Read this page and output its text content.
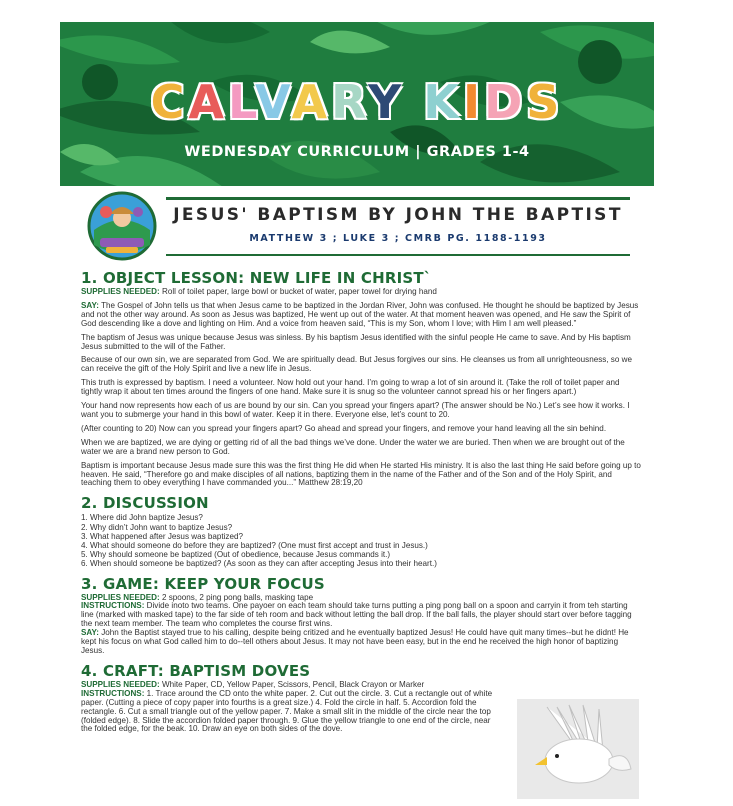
CALVARY KIDS
WEDNESDAY CURRICULUM | GRADES 1-4
JESUS' BAPTISM BY JOHN THE BAPTIST
MATTHEW 3 ; LUKE 3 ; CMRB PG. 1188-1193
1. OBJECT LESSON: NEW LIFE IN CHRIST`
SUPPLIES NEEDED: Roll of toilet paper, large bowl or bucket of water, paper towel for drying hand
SAY: The Gospel of John tells us that when Jesus came to be baptized in the Jordan River, John was confused. He thought he should be baptized by Jesus and not the other way around. As soon as Jesus was baptized, He went up out of the water. At that moment heaven was opened, and He saw the Spirit of God descending like a dove and lighting on Him. And a voice from heaven said, “This is my Son, whom I love; with Him I am well pleased.”
The baptism of Jesus was unique because Jesus was sinless. By his baptism Jesus identified with the sinful people He came to save. And by His baptism Jesus submitted to the will of the Father.
Because of our own sin, we are separated from God. We are spiritually dead. But Jesus forgives our sins. He cleanses us from all unrighteousness, so we can receive the gift of the Holy Spirit and live a new life in Jesus.
This truth is expressed by baptism. I need a volunteer. Now hold out your hand. I’m going to wrap a lot of sin around it. (Take the roll of toilet paper and tightly wrap it about ten times around the fingers of one hand. Make sure it is snug so the volunteer cannot spread his or her fingers apart.)
Your hand now represents how each of us are bound by our sin. Can you spread your fingers apart? (The answer should be No.) Let’s see how it works. I want you to submerge your hand in this bowl of water. Keep it in there. Everyone else, let’s count to 20.
(After counting to 20) Now can you spread your fingers apart? Go ahead and spread your fingers, and remove your hand leaving all the sin behind.
When we are baptized, we are dying or getting rid of all the bad things we’ve done. Under the water we are buried. Then when we are brought out of the water we are a brand new person to God.
Baptism is important because Jesus made sure this was the first thing He did when He started His ministry. It is also the last thing He said before going up to heaven. He said, “Therefore go and make disciples of all nations, baptizing them in the name of the Father and of the Son and of the Holy Spirit, and teaching them to obey everything I have commanded you...” Matthew 28:19,20
2. DISCUSSION
1. Where did John baptize Jesus?
2. Why didn’t John want to baptize Jesus?
3. What happened after Jesus was baptized?
4. What should someone do before they are baptized? (One must first accept and trust in Jesus.)
5. Why should someone be baptized (Out of obedience, because Jesus commands it.)
6. When should someone be baptized? (As soon as they can after accepting Jesus into their heart.)
3. GAME: KEEP YOUR FOCUS
SUPPLIES NEEDED: 2 spoons, 2 ping pong balls, masking tape
INSTRUCTIONS: Divide inoto two teams. One payoer on each team should take turns putting a ping pong ball on a spoon and carryin it from teh starting line (marked with masked tape) to the far side of teh room and back without letting the ball drop. If the ball falls, the player should start over before tagging the next team member. The team who completes the course first wins.
SAY: John the Baptist stayed true to his calling, despite being critized and he eventually baptized Jesus! He could have quit many times--but he didnt! He kept his focus on what God called him to do--tell others about Jesus. It may not have been easy, but in the end he received the high honor of baptizing Jesus.
4. CRAFT: BAPTISM DOVES
SUPPLIES NEEDED: White Paper, CD, Yellow Paper, Scissors, Pencil, Black Crayon or Marker
INSTRUCTIONS: 1. Trace around the CD onto the white paper. 2. Cut out the circle. 3. Cut a rectangle out of white paper. (Cutting a piece of copy paper into fourths is a great size.) 4. Fold the circle in half. 5. Accordion fold the rectangle. 6. Cut a small triangle out of the yellow paper. 7. Make a small slit in the middle of the circle near the top (folded edge). 8. Slide the accordion folded paper through. 9. Glue the yellow triangle to one end of the circle, near the folded edge, for the beak. 10. Draw an eye on both sides of the dove.
